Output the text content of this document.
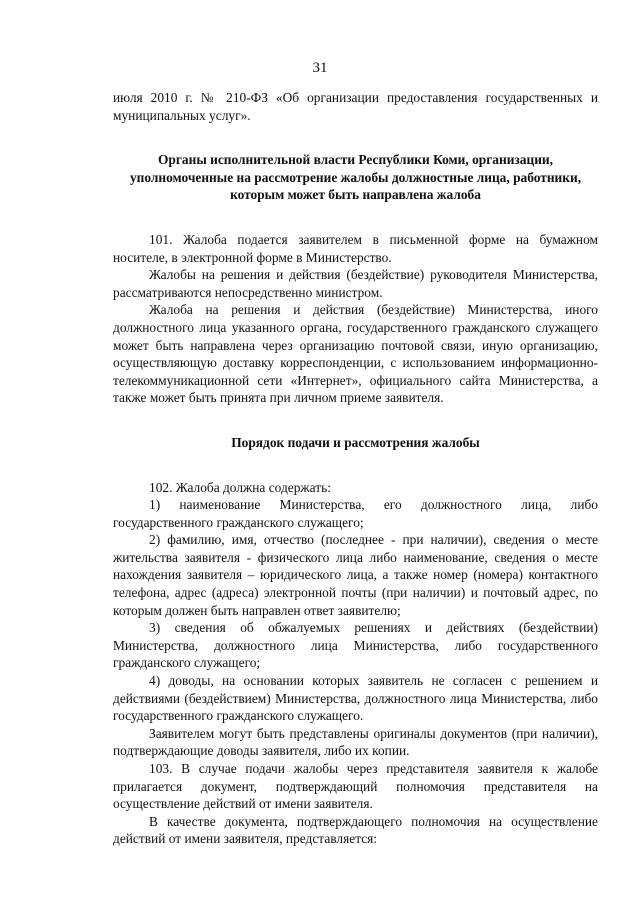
31

июля 2010 г. № 210-ФЗ «Об организации предоставления государственных и муниципальных услуг».

Органы исполнительной власти Республики Коми, организации, уполномоченные на рассмотрение жалобы должностные лица, работники, которым может быть направлена жалоба

101. Жалоба подается заявителем в письменной форме на бумажном носителе, в электронной форме в Министерство.

Жалобы на решения и действия (бездействие) руководителя Министерства, рассматриваются непосредственно министром.

Жалоба на решения и действия (бездействие) Министерства, иного должностного лица указанного органа, государственного гражданского служащего может быть направлена через организацию почтовой связи, иную организацию, осуществляющую доставку корреспонденции, с использованием информационно-телекоммуникационной сети «Интернет», официального сайта Министерства, а также может быть принята при личном приеме заявителя.

Порядок подачи и рассмотрения жалобы

102. Жалоба должна содержать:

1) наименование Министерства, его должностного лица, либо государственного гражданского служащего;

2) фамилию, имя, отчество (последнее - при наличии), сведения о месте жительства заявителя - физического лица либо наименование, сведения о месте нахождения заявителя – юридического лица, а также номер (номера) контактного телефона, адрес (адреса) электронной почты (при наличии) и почтовый адрес, по которым должен быть направлен ответ заявителю;

3) сведения об обжалуемых решениях и действиях (бездействии) Министерства, должностного лица Министерства, либо государственного гражданского служащего;

4) доводы, на основании которых заявитель не согласен с решением и действиями (бездействием) Министерства, должностного лица Министерства, либо государственного гражданского служащего.

Заявителем могут быть представлены оригиналы документов (при наличии), подтверждающие доводы заявителя, либо их копии.

103. В случае подачи жалобы через представителя заявителя к жалобе прилагается документ, подтверждающий полномочия представителя на осуществление действий от имени заявителя.

В качестве документа, подтверждающего полномочия на осуществление действий от имени заявителя, представляется:
